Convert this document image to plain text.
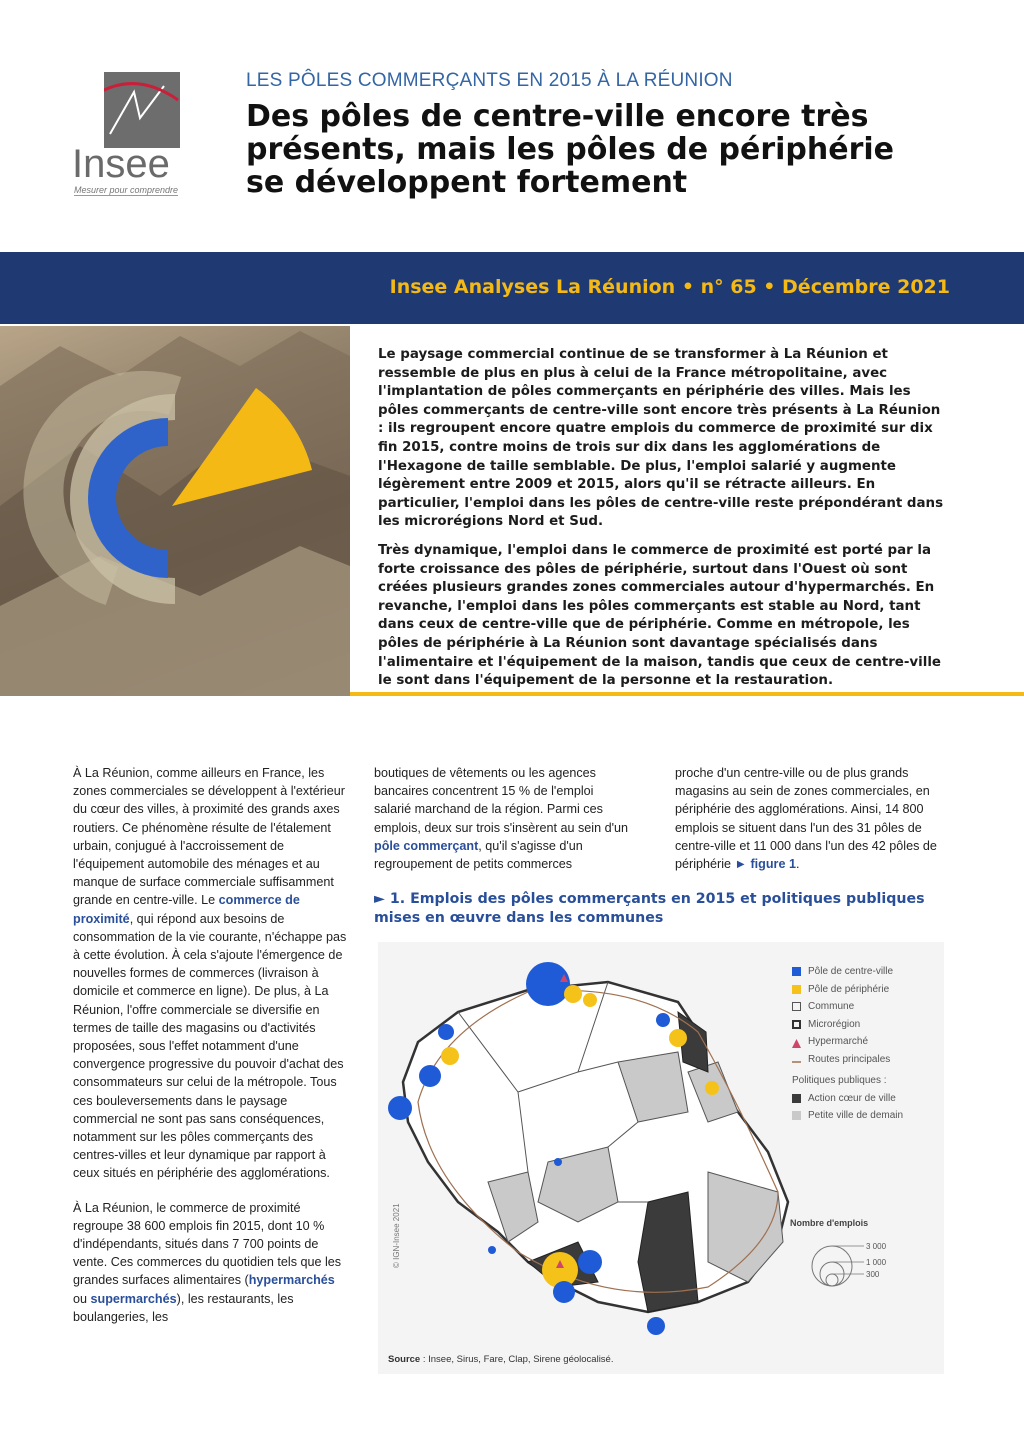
Insee
Mesurer pour comprendre
LES PÔLES COMMERÇANTS EN 2015 À LA RÉUNION
Des pôles de centre-ville encore très
présents, mais les pôles de périphérie
se développent fortement
Insee Analyses La Réunion • n° 65 • Décembre 2021

Le paysage commercial continue de se transformer à La Réunion et ressemble de plus en plus à celui de la France métropolitaine, avec l'implantation de pôles commerçants en périphérie des villes. Mais les pôles commerçants de centre-ville sont encore très présents à La Réunion : ils regroupent encore quatre emplois du commerce de proximité sur dix fin 2015, contre moins de trois sur dix dans les agglomérations de l'Hexagone de taille semblable. De plus, l'emploi salarié y augmente légèrement entre 2009 et 2015, alors qu'il se rétracte ailleurs. En particulier, l'emploi dans les pôles de centre-ville reste prépondérant dans les microrégions Nord et Sud.

Très dynamique, l'emploi dans le commerce de proximité est porté par la forte croissance des pôles de périphérie, surtout dans l'Ouest où sont créées plusieurs grandes zones commerciales autour d'hypermarchés. En revanche, l'emploi dans les pôles commerçants est stable au Nord, tant dans ceux de centre-ville que de périphérie. Comme en métropole, les pôles de périphérie à La Réunion sont davantage spécialisés dans l'alimentaire et l'équipement de la maison, tandis que ceux de centre-ville le sont dans l'équipement de la personne et la restauration.

À La Réunion, comme ailleurs en France, les zones commerciales se développent à l'extérieur du cœur des villes, à proximité des grands axes routiers. Ce phénomène résulte de l'étalement urbain, conjugué à l'accroissement de l'équipement automobile des ménages et au manque de surface commerciale suffisamment grande en centre-ville. Le commerce de proximité, qui répond aux besoins de consommation de la vie courante, n'échappe pas à cette évolution. À cela s'ajoute l'émergence de nouvelles formes de commerces (livraison à domicile et commerce en ligne). De plus, à La Réunion, l'offre commerciale se diversifie en termes de taille des magasins ou d'activités proposées, sous l'effet notamment d'une convergence progressive du pouvoir d'achat des consommateurs sur celui de la métropole. Tous ces bouleversements dans le paysage commercial ne sont pas sans conséquences, notamment sur les pôles commerçants des centres-villes et leur dynamique par rapport à ceux situés en périphérie des agglomérations.

À La Réunion, le commerce de proximité regroupe 38 600 emplois fin 2015, dont 10 % d'indépendants, situés dans 7 700 points de vente. Ces commerces du quotidien tels que les grandes surfaces alimentaires (hypermarchés ou supermarchés), les restaurants, les boulangeries, les

boutiques de vêtements ou les agences bancaires concentrent 15 % de l'emploi salarié marchand de la région. Parmi ces emplois, deux sur trois s'insèrent au sein d'un pôle commerçant, qu'il s'agisse d'un regroupement de petits commerces

proche d'un centre-ville ou de plus grands magasins au sein de zones commerciales, en périphérie des agglomérations. Ainsi, 14 800 emplois se situent dans l'un des 31 pôles de centre-ville et 11 000 dans l'un des 42 pôles de périphérie ► figure 1.

► 1. Emplois des pôles commerçants en 2015 et politiques publiques mises en œuvre dans les communes
Pôle de centre-ville
Pôle de périphérie
Commune
Microrégion
Hypermarché
Routes principales
Politiques publiques :
Action cœur de ville
Petite ville de demain
Nombre d'emplois
3 000
1 000
300
© IGN-Insee 2021
Source : Insee, Sirus, Fare, Clap, Sirene géolocalisé.
